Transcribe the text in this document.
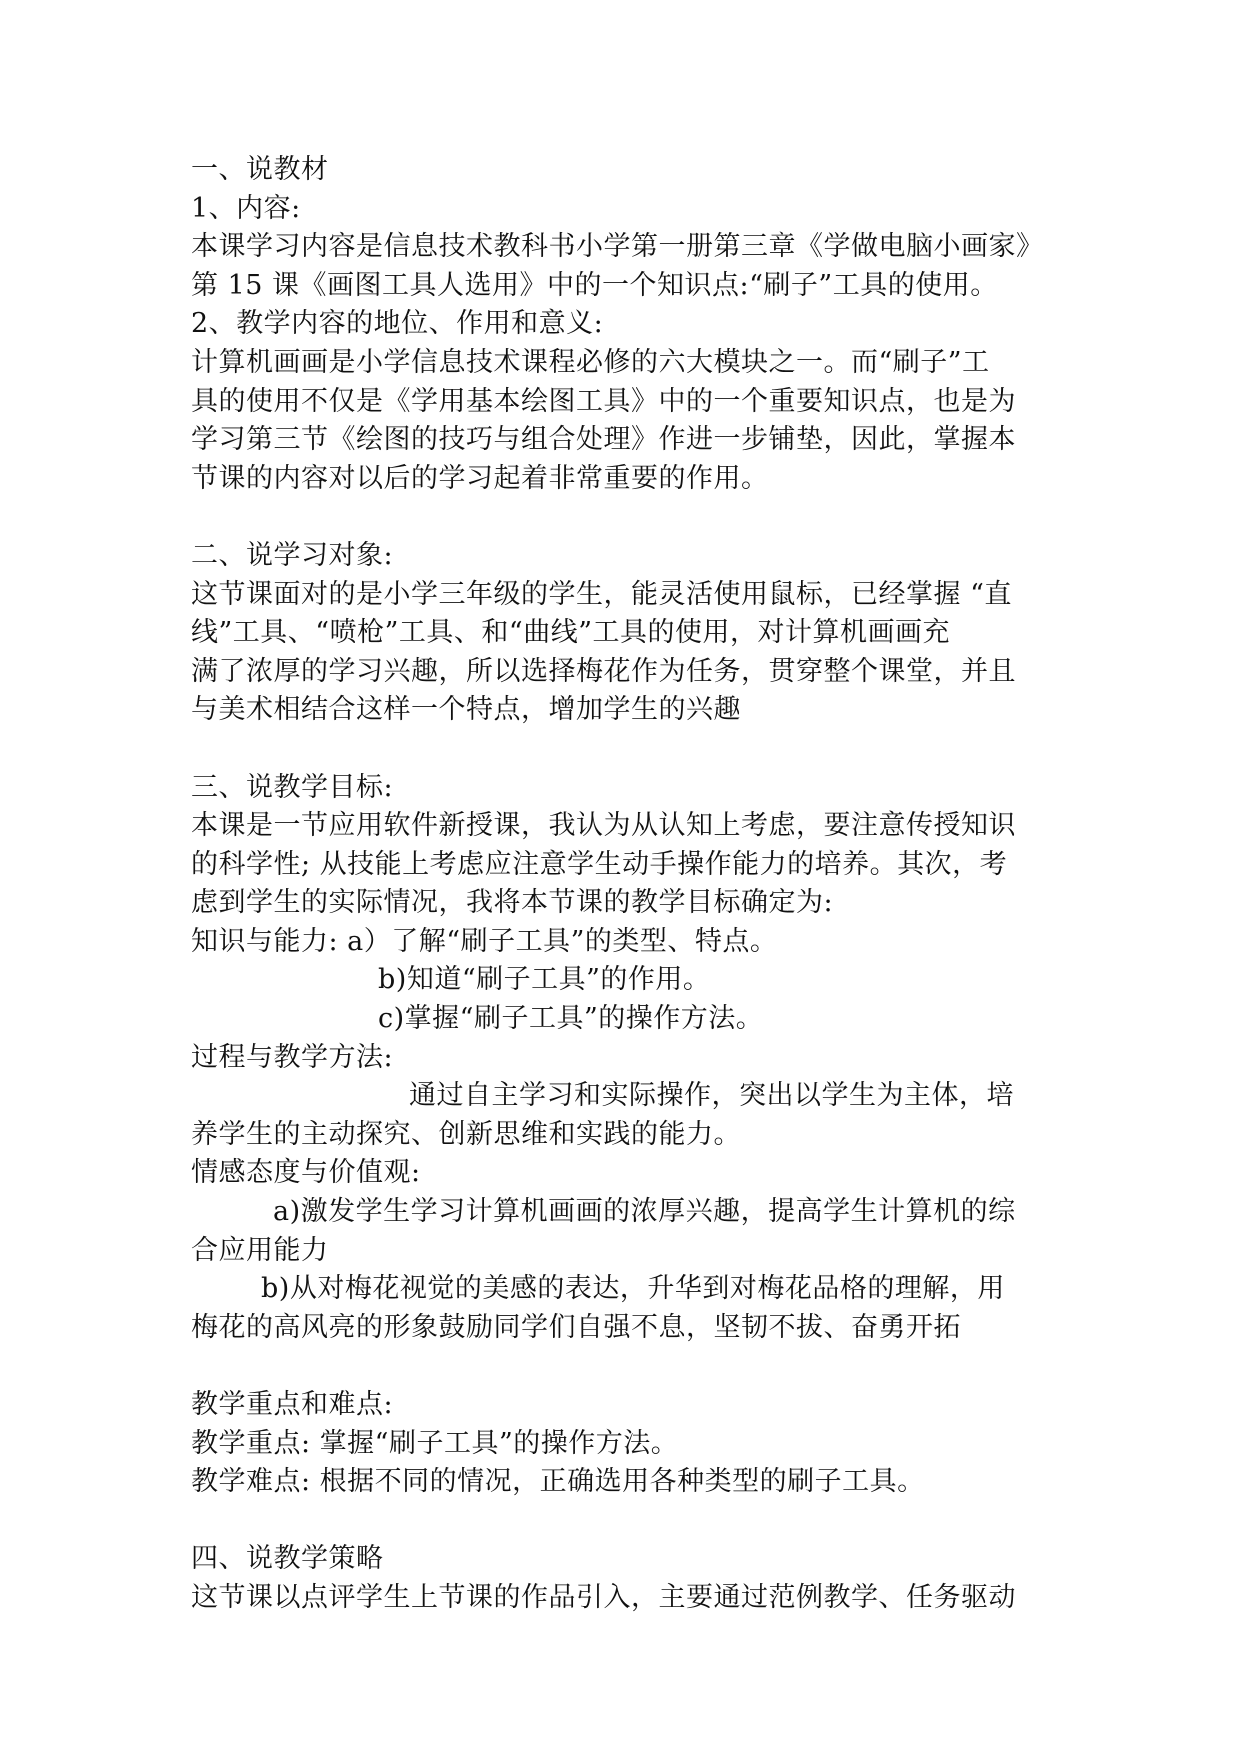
一、说教材
1、内容:
本课学习内容是信息技术教科书小学第一册第三章《学做电脑小画家》
第 15 课《画图工具人选用》中的一个知识点:“刷子”工具的使用。
2、教学内容的地位、作用和意义:
计算机画画是小学信息技术课程必修的六大模块之一。而“刷子”工
具的使用不仅是《学用基本绘图工具》中的一个重要知识点，也是为
学习第三节《绘图的技巧与组合处理》作进一步铺垫，因此，掌握本
节课的内容对以后的学习起着非常重要的作用。
二、说学习对象:
这节课面对的是小学三年级的学生，能灵活使用鼠标，已经掌握 “直
线”工具、“喷枪”工具、和“曲线”工具的使用，对计算机画画充
满了浓厚的学习兴趣，所以选择梅花作为任务，贯穿整个课堂，并且
与美术相结合这样一个特点，增加学生的兴趣
三、说教学目标:
本课是一节应用软件新授课，我认为从认知上考虑，要注意传授知识
的科学性; 从技能上考虑应注意学生动手操作能力的培养。其次，考
虑到学生的实际情况，我将本节课的教学目标确定为:
知识与能力: a）了解“刷子工具”的类型、特点。
b)知道“刷子工具”的作用。
c)掌握“刷子工具”的操作方法。
过程与教学方法:
通过自主学习和实际操作，突出以学生为主体，培
养学生的主动探究、创新思维和实践的能力。
情感态度与价值观:
a)激发学生学习计算机画画的浓厚兴趣，提高学生计算机的综
合应用能力
b)从对梅花视觉的美感的表达，升华到对梅花品格的理解，用
梅花的高风亮的形象鼓励同学们自强不息，坚韧不拔、奋勇开拓
教学重点和难点:
教学重点: 掌握“刷子工具”的操作方法。
教学难点: 根据不同的情况，正确选用各种类型的刷子工具。
四、说教学策略
这节课以点评学生上节课的作品引入，主要通过范例教学、任务驱动
